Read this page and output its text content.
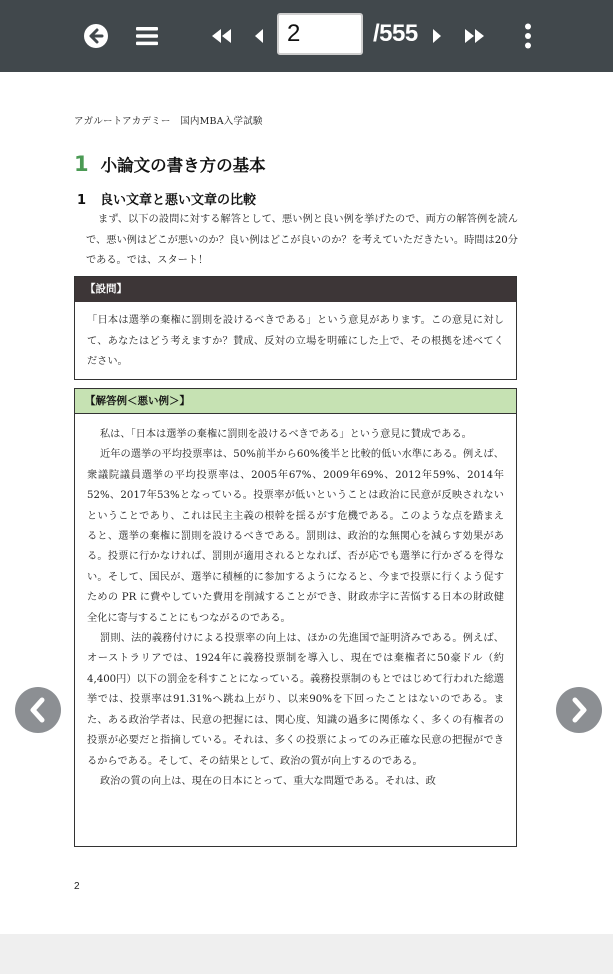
2
/555
アガルートアカデミー　国内MBA入学試験
1 小論文の書き方の基本
1 良い文章と悪い文章の比較
まず、以下の設問に対する解答として、悪い例と良い例を挙げたので、両方の解答例を読んで、悪い例はどこが悪いのか？良い例はどこが良いのか？を考えていただきたい。時間は20分である。では、スタート！
【設問】
「日本は選挙の棄権に罰則を設けるべきである」という意見があります。この意見に対して、あなたはどう考えますか？賛成、反対の立場を明確にした上で、その根拠を述べてください。
【解答例＜悪い例＞】

私は、「日本は選挙の棄権に罰則を設けるべきである」という意見に賛成である。

近年の選挙の平均投票率は、50%前半から60%後半と比較的低い水準にある。例えば、衆議院議員選挙の平均投票率は、2005年67%、2009年69%、2012年59%、2014年52%、2017年53%となっている。投票率が低いということは政治に民意が反映されないということであり、これは民主主義の根幹を揺るがす危機である。このような点を踏まえると、選挙の棄権に罰則を設けるべきである。罰則は、政治的な無関心を減らす効果がある。投票に行かなければ、罰則が適用されるとなれば、否が応でも選挙に行かざるを得ない。そして、国民が、選挙に積極的に参加するようになると、今まで投票に行くよう促すための PR に費やしていた費用を削減することができ、財政赤字に苦悩する日本の財政健全化に寄与することにもつながるのである。

罰則、法的義務付けによる投票率の向上は、ほかの先進国で証明済みである。例えば、オーストラリアでは、1924年に義務投票制を導入し、現在では棄権者に50豪ドル（約4,400円）以下の罰金を科すことになっている。義務投票制のもとではじめて行われた総選挙では、投票率は91.31%へ跳ね上がり、以来90%を下回ったことはないのである。また、ある政治学者は、民意の把握には、関心度、知識の過多に関係なく、多くの有権者の投票が必要だと指摘している。それは、多くの投票によってのみ正確な民意の把握ができるからである。そして、その結果として、政治の質が向上するのである。

政治の質の向上は、現在の日本にとって、重大な問題である。それは、政

2
